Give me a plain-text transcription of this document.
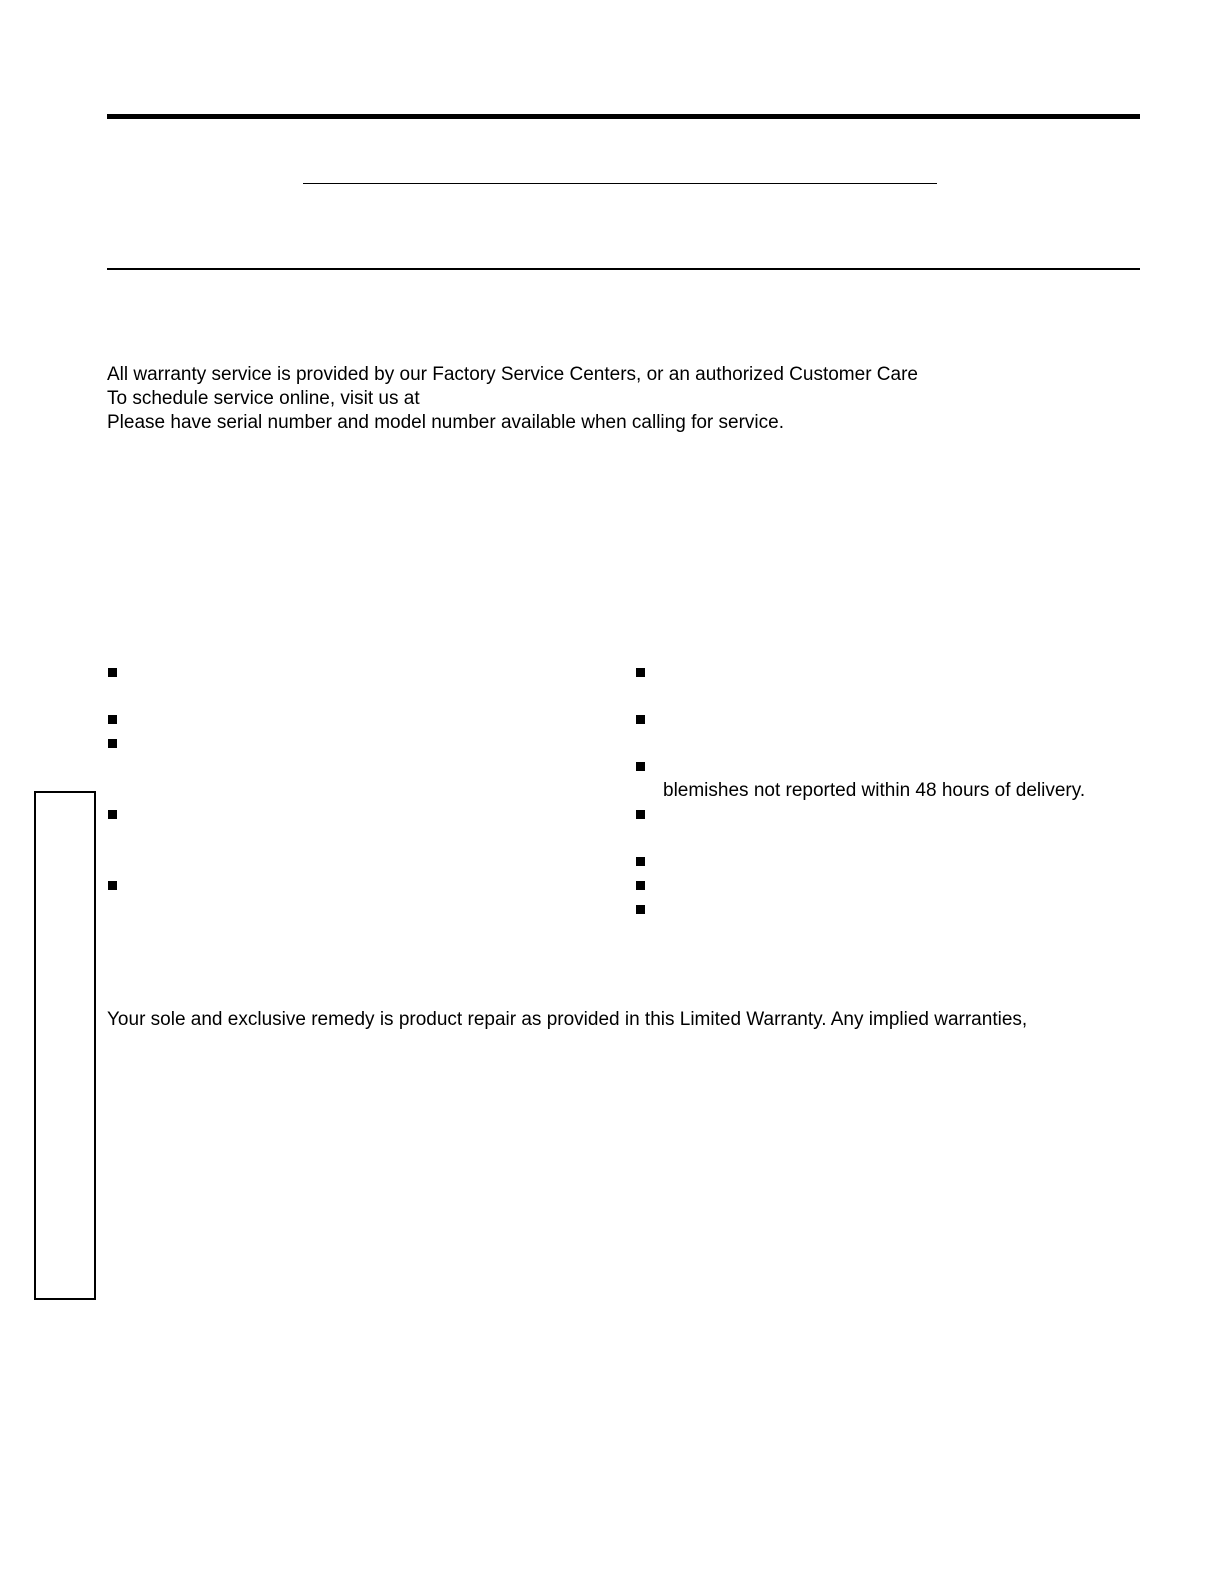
All warranty service is provided by our Factory Service Centers, or an authorized Customer Care
To schedule service online, visit us at
Please have serial number and model number available when calling for service.
blemishes not reported within 48 hours of delivery.
Your sole and exclusive remedy is product repair as provided in this Limited Warranty. Any implied warranties,
